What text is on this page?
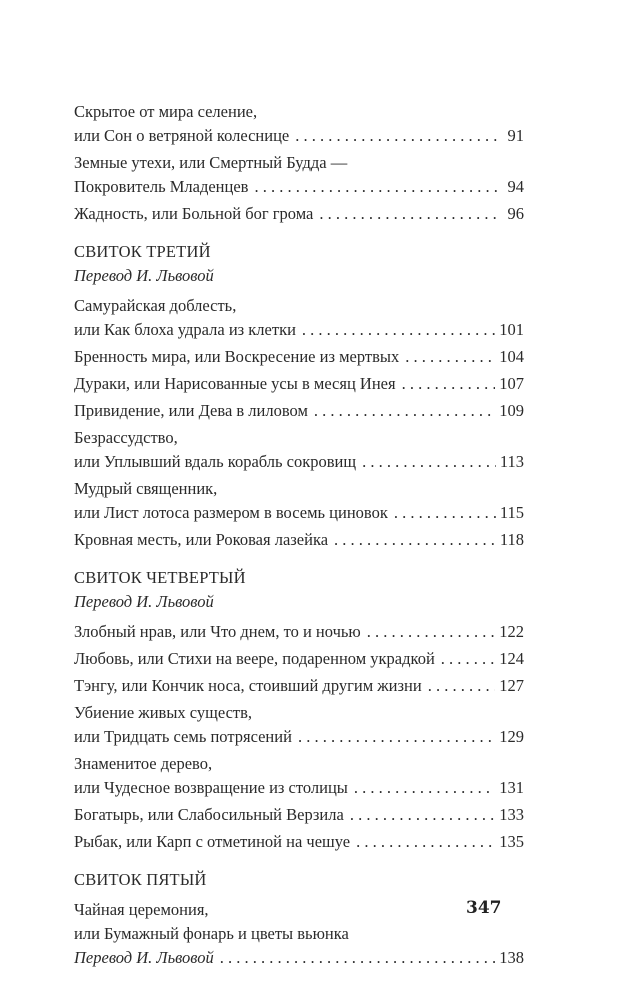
Скрытое от мира селение,
или Сон о ветряной колеснице . . .	91
Земные утехи, или Смертный Будда —
Покровитель Младенцев . . .	94
Жадность, или Больной бог грома . . .	96
СВИТОК ТРЕТИЙ
Перевод И. Львовой
Самурайская доблесть,
или Как блоха удрала из клетки . . .	101
Бренность мира, или Воскресение из мертвых . . .	104
Дураки, или Нарисованные усы в месяц Инея . . .	107
Привидение, или Дева в лиловом . . .	109
Безрассудство,
или Уплывший вдаль корабль сокровищ . . .	113
Мудрый священник,
или Лист лотоса размером в восемь циновок . . .	115
Кровная месть, или Роковая лазейка . . .	118
СВИТОК ЧЕТВЕРТЫЙ
Перевод И. Львовой
Злобный нрав, или Что днем, то и ночью . . .	122
Любовь, или Стихи на веере, подаренном украдкой . . .	124
Тэнгу, или Кончик носа, стоивший другим жизни . . .	127
Убиение живых существ,
или Тридцать семь потрясений . . .	129
Знаменитое дерево,
или Чудесное возвращение из столицы . . .	131
Богатырь, или Слабосильный Верзила . . .	133
Рыбак, или Карп с отметиной на чешуе . . .	135
СВИТОК ПЯТЫЙ
Чайная церемония,
или Бумажный фонарь и цветы вьюнка
Перевод И. Львовой . . .	138
347
